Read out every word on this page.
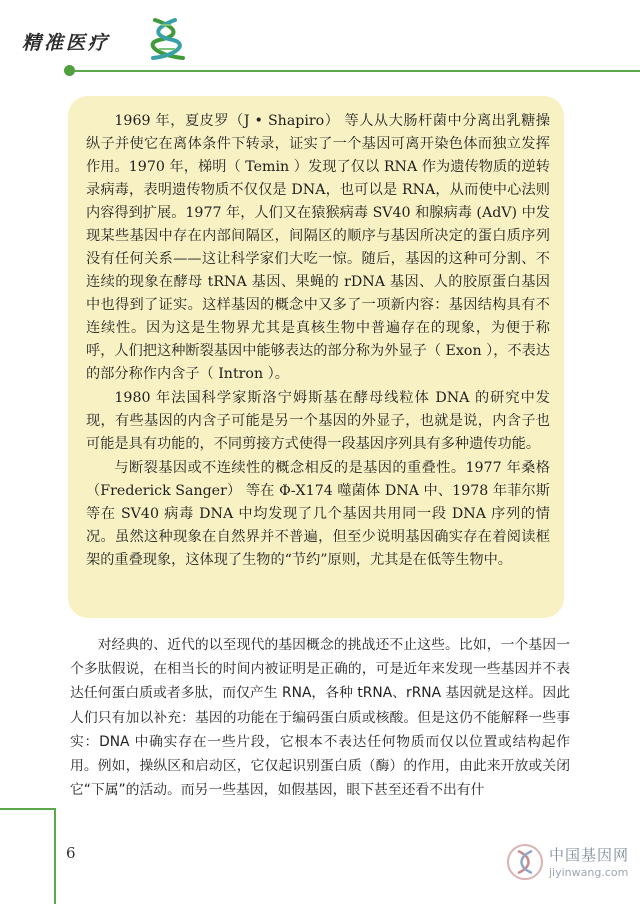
精准医疗

1969 年，夏皮罗（J • Shapiro） 等人从大肠杆菌中分离出乳糖操纵子并使它在离体条件下转录，证实了一个基因可离开染色体而独立发挥作用。1970 年，梯明（ Temin ）发现了仅以 RNA 作为遗传物质的逆转录病毒，表明遗传物质不仅仅是 DNA，也可以是 RNA，从而使中心法则内容得到扩展。1977 年，人们又在猿猴病毒 SV40 和腺病毒 (AdV) 中发现某些基因中存在内部间隔区，间隔区的顺序与基因所决定的蛋白质序列没有任何关系——这让科学家们大吃一惊。随后，基因的这种可分割、不连续的现象在酵母 tRNA 基因、果蝇的 rDNA 基因、人的胶原蛋白基因中也得到了证实。这样基因的概念中又多了一项新内容：基因结构具有不连续性。因为这是生物界尤其是真核生物中普遍存在的现象，为便于称呼，人们把这种断裂基因中能够表达的部分称为外显子（ Exon ），不表达的部分称作内含子（ Intron ）。

1980 年法国科学家斯洛宁姆斯基在酵母线粒体 DNA 的研究中发现，有些基因的内含子可能是另一个基因的外显子，也就是说，内含子也可能是具有功能的，不同剪接方式使得一段基因序列具有多种遗传功能。

与断裂基因或不连续性的概念相反的是基因的重叠性。1977 年桑格（Frederick Sanger） 等在 Φ-X174 噬菌体 DNA 中、1978 年菲尔斯等在 SV40 病毒 DNA 中均发现了几个基因共用同一段 DNA 序列的情况。虽然这种现象在自然界并不普遍，但至少说明基因确实存在着阅读框架的重叠现象，这体现了生物的“节约”原则，尤其是在低等生物中。

对经典的、近代的以至现代的基因概念的挑战还不止这些。比如，一个基因一个多肽假说，在相当长的时间内被证明是正确的，可是近年来发现一些基因并不表达任何蛋白质或者多肽，而仅产生 RNA，各种 tRNA、rRNA 基因就是这样。因此人们只有加以补充：基因的功能在于编码蛋白质或核酸。但是这仍不能解释一些事实：DNA 中确实存在一些片段，它根本不表达任何物质而仅以位置或结构起作用。例如，操纵区和启动区，它仅起识别蛋白质（酶）的作用，由此来开放或关闭它“下属”的活动。而另一些基因，如假基因，眼下甚至还看不出有什

6	中国基因网
jiyinwang.com
